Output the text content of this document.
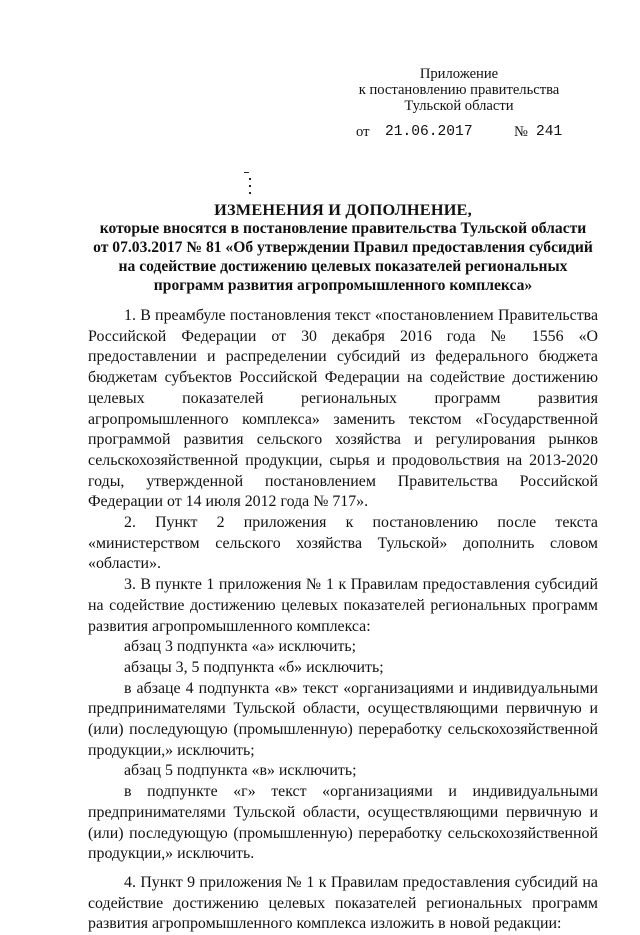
Приложение
к постановлению правительства
Тульской области
от 21.06.2017	№ 241
ИЗМЕНЕНИЯ И ДОПОЛНЕНИЕ,
которые вносятся в постановление правительства Тульской области
от 07.03.2017 № 81 «Об утверждении Правил предоставления субсидий
на содействие достижению целевых показателей региональных
программ развития агропромышленного комплекса»

1. В преамбуле постановления текст «постановлением Правительства Российской Федерации от 30 декабря 2016 года № 1556 «О предоставлении и распределении субсидий из федерального бюджета бюджетам субъектов Российской Федерации на содействие достижению целевых показателей региональных программ развития агропромышленного комплекса» заменить текстом «Государственной программой развития сельского хозяйства и регулирования рынков сельскохозяйственной продукции, сырья и продовольствия на 2013-2020 годы, утвержденной постановлением Правительства Российской Федерации от 14 июля 2012 года № 717».

2. Пункт 2 приложения к постановлению после текста «министерством сельского хозяйства Тульской» дополнить словом «области».

3. В пункте 1 приложения № 1 к Правилам предоставления субсидий на содействие достижению целевых показателей региональных программ развития агропромышленного комплекса:

абзац 3 подпункта «а» исключить;

абзацы 3, 5 подпункта «б» исключить;

в абзаце 4 подпункта «в» текст «организациями и индивидуальными предпринимателями Тульской области, осуществляющими первичную и (или) последующую (промышленную) переработку сельскохозяйственной продукции,» исключить;

абзац 5 подпункта «в» исключить;

в подпункте «г» текст «организациями и индивидуальными предпринимателями Тульской области, осуществляющими первичную и (или) последующую (промышленную) переработку сельскохозяйственной продукции,» исключить.

4. Пункт 9 приложения № 1 к Правилам предоставления субсидий на содействие достижению целевых показателей региональных программ развития агропромышленного комплекса изложить в новой редакции:
